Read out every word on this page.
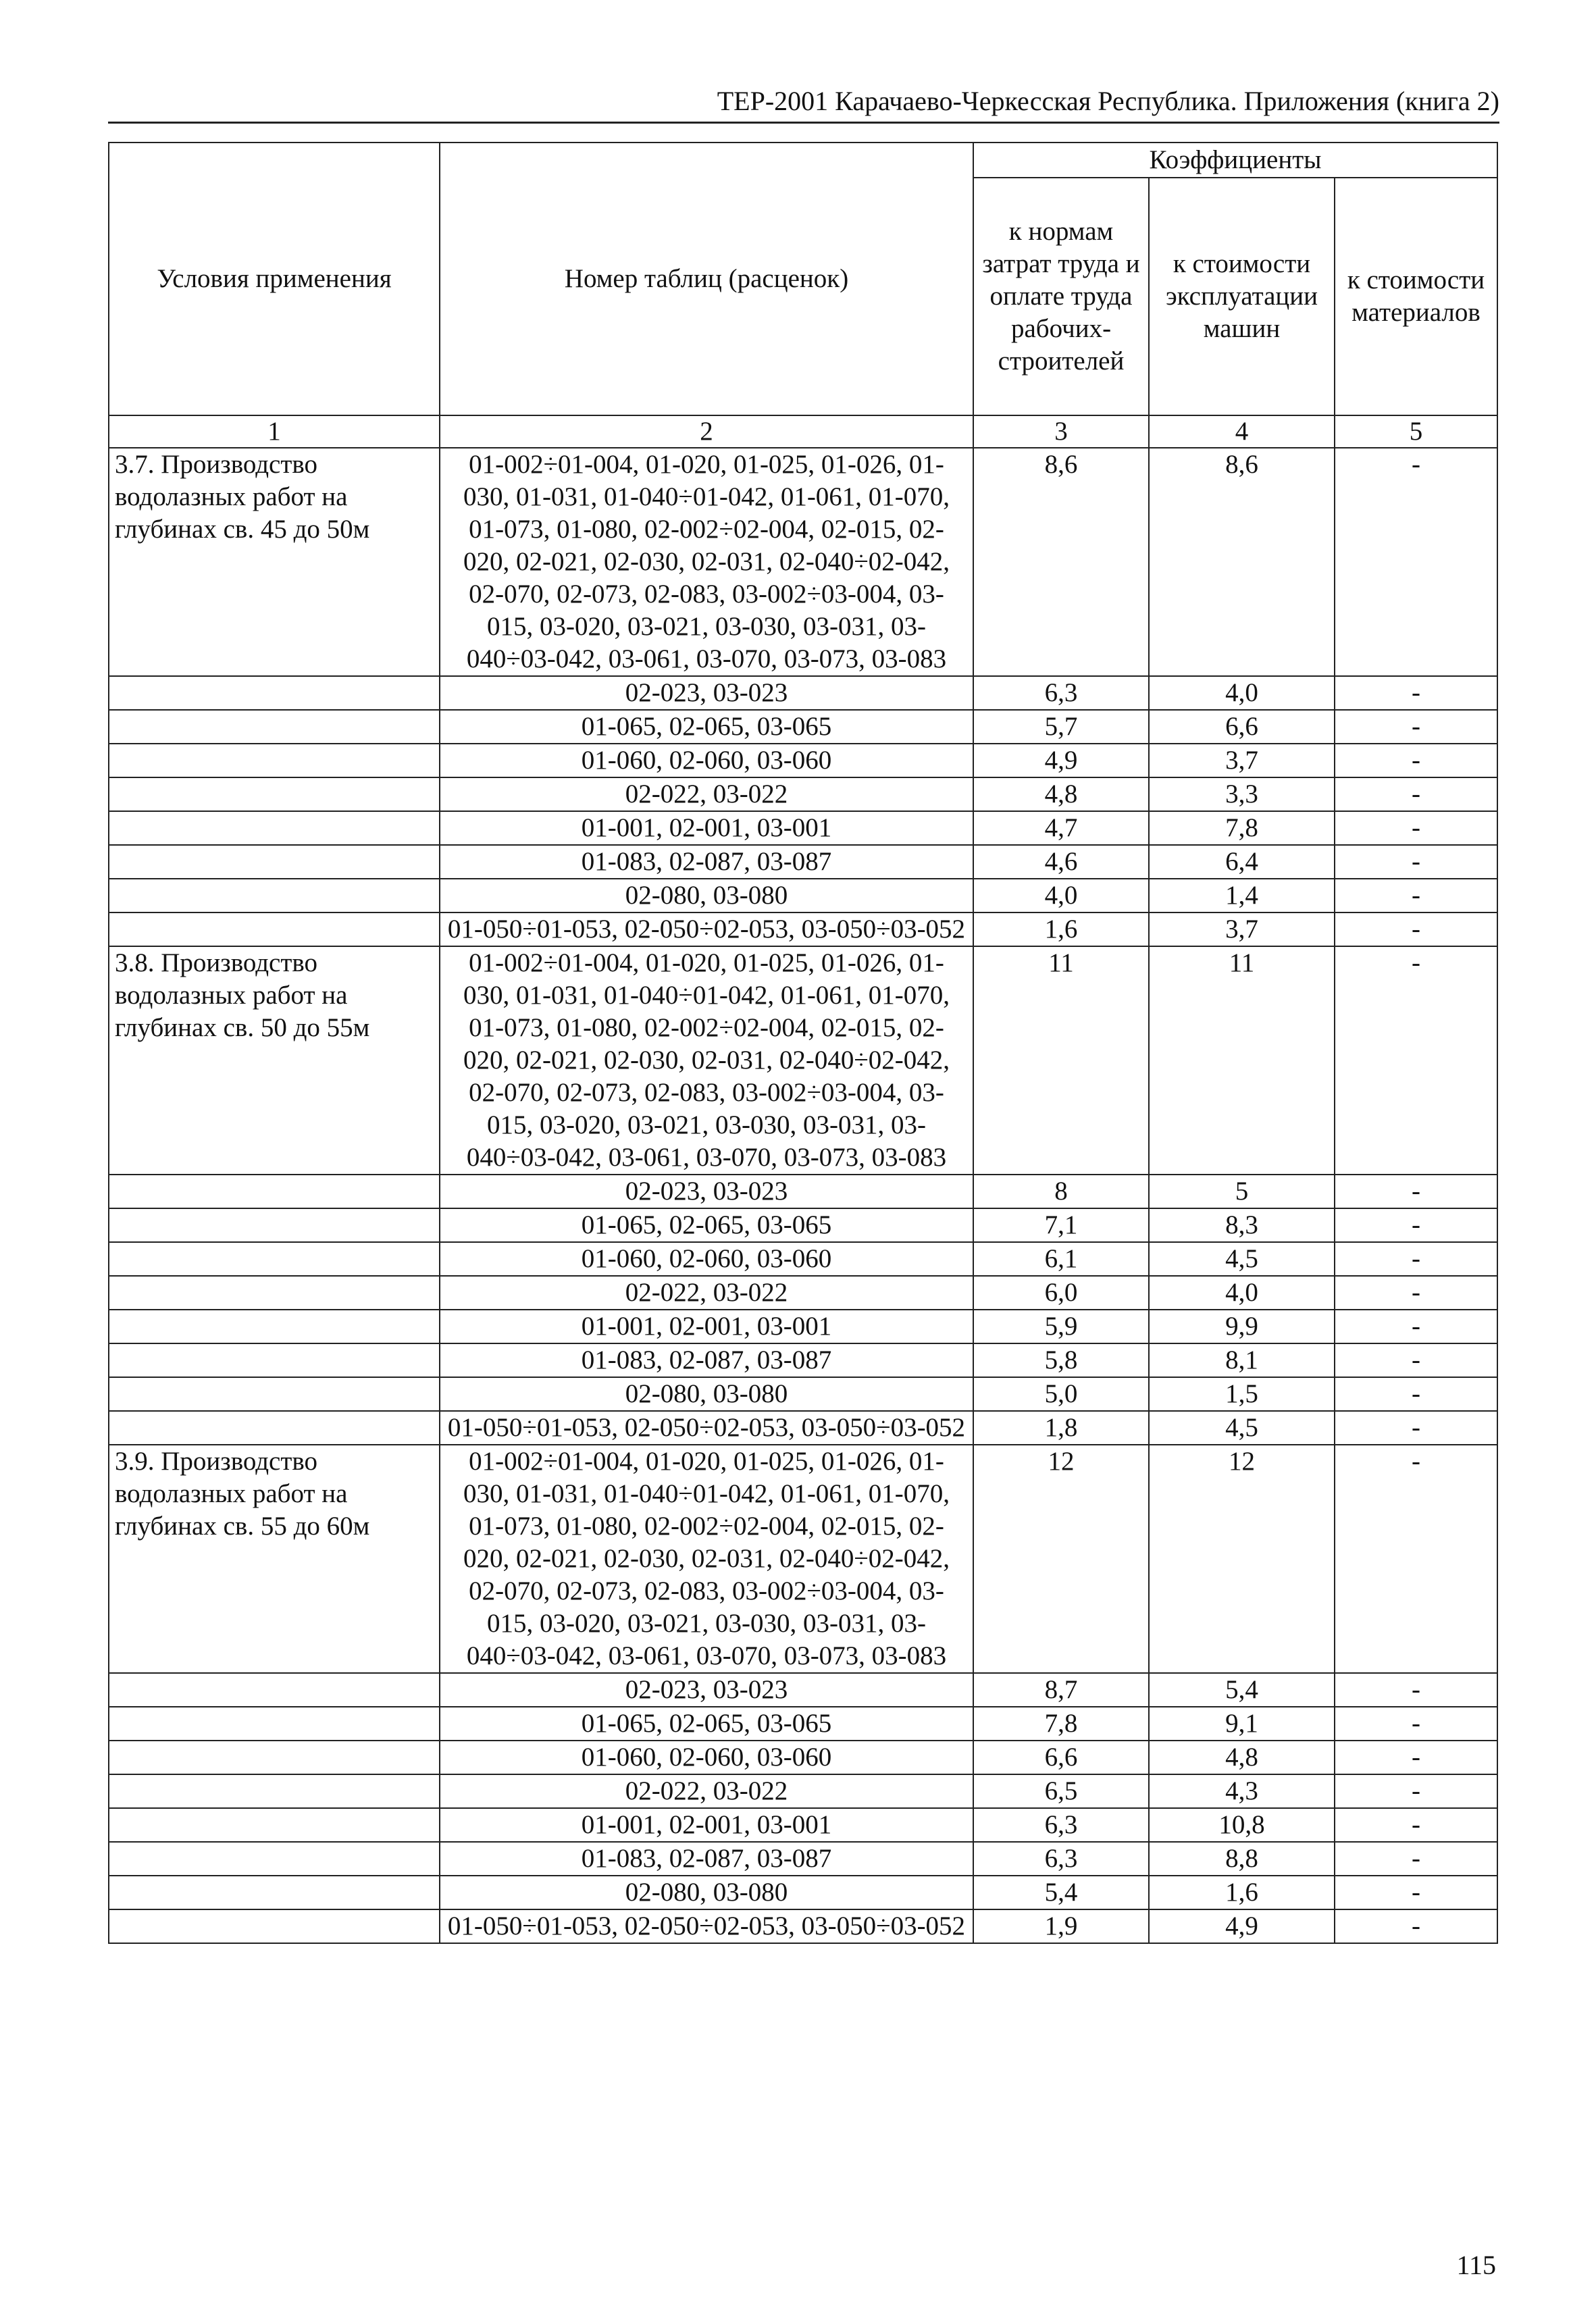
ТЕР-2001 Карачаево-Черкесская Республика. Приложения (книга 2)
Условия применения	Номер таблиц (расценок)	Коэффициенты		
		к нормам затрат труда и оплате труда рабочих-строителей	к стоимости эксплуатации машин	к стоимости материалов
1	2	3	4	5
3.7. Производство водолазных работ на глубинах св. 45 до 50м	01-002÷01-004, 01-020, 01-025, 01-026, 01-030, 01-031, 01-040÷01-042, 01-061, 01-070, 01-073, 01-080, 02-002÷02-004, 02-015, 02-020, 02-021, 02-030, 02-031, 02-040÷02-042, 02-070, 02-073, 02-083, 03-002÷03-004, 03-015, 03-020, 03-021, 03-030, 03-031, 03-040÷03-042, 03-061, 03-070, 03-073, 03-083	8,6	8,6	-
	02-023, 03-023	6,3	4,0	-
	01-065, 02-065, 03-065	5,7	6,6	-
	01-060, 02-060, 03-060	4,9	3,7	-
	02-022, 03-022	4,8	3,3	-
	01-001, 02-001, 03-001	4,7	7,8	-
	01-083, 02-087, 03-087	4,6	6,4	-
	02-080, 03-080	4,0	1,4	-
	01-050÷01-053, 02-050÷02-053, 03-050÷03-052	1,6	3,7	-
3.8. Производство водолазных работ на глубинах св. 50 до 55м	01-002÷01-004, 01-020, 01-025, 01-026, 01-030, 01-031, 01-040÷01-042, 01-061, 01-070, 01-073, 01-080, 02-002÷02-004, 02-015, 02-020, 02-021, 02-030, 02-031, 02-040÷02-042, 02-070, 02-073, 02-083, 03-002÷03-004, 03-015, 03-020, 03-021, 03-030, 03-031, 03-040÷03-042, 03-061, 03-070, 03-073, 03-083	11	11	-
	02-023, 03-023	8	5	-
	01-065, 02-065, 03-065	7,1	8,3	-
	01-060, 02-060, 03-060	6,1	4,5	-
	02-022, 03-022	6,0	4,0	-
	01-001, 02-001, 03-001	5,9	9,9	-
	01-083, 02-087, 03-087	5,8	8,1	-
	02-080, 03-080	5,0	1,5	-
	01-050÷01-053, 02-050÷02-053, 03-050÷03-052	1,8	4,5	-
3.9. Производство водолазных работ на глубинах св. 55 до 60м	01-002÷01-004, 01-020, 01-025, 01-026, 01-030, 01-031, 01-040÷01-042, 01-061, 01-070, 01-073, 01-080, 02-002÷02-004, 02-015, 02-020, 02-021, 02-030, 02-031, 02-040÷02-042, 02-070, 02-073, 02-083, 03-002÷03-004, 03-015, 03-020, 03-021, 03-030, 03-031, 03-040÷03-042, 03-061, 03-070, 03-073, 03-083	12	12	-
	02-023, 03-023	8,7	5,4	-
	01-065, 02-065, 03-065	7,8	9,1	-
	01-060, 02-060, 03-060	6,6	4,8	-
	02-022, 03-022	6,5	4,3	-
	01-001, 02-001, 03-001	6,3	10,8	-
	01-083, 02-087, 03-087	6,3	8,8	-
	02-080, 03-080	5,4	1,6	-
	01-050÷01-053, 02-050÷02-053, 03-050÷03-052	1,9	4,9	-
115
